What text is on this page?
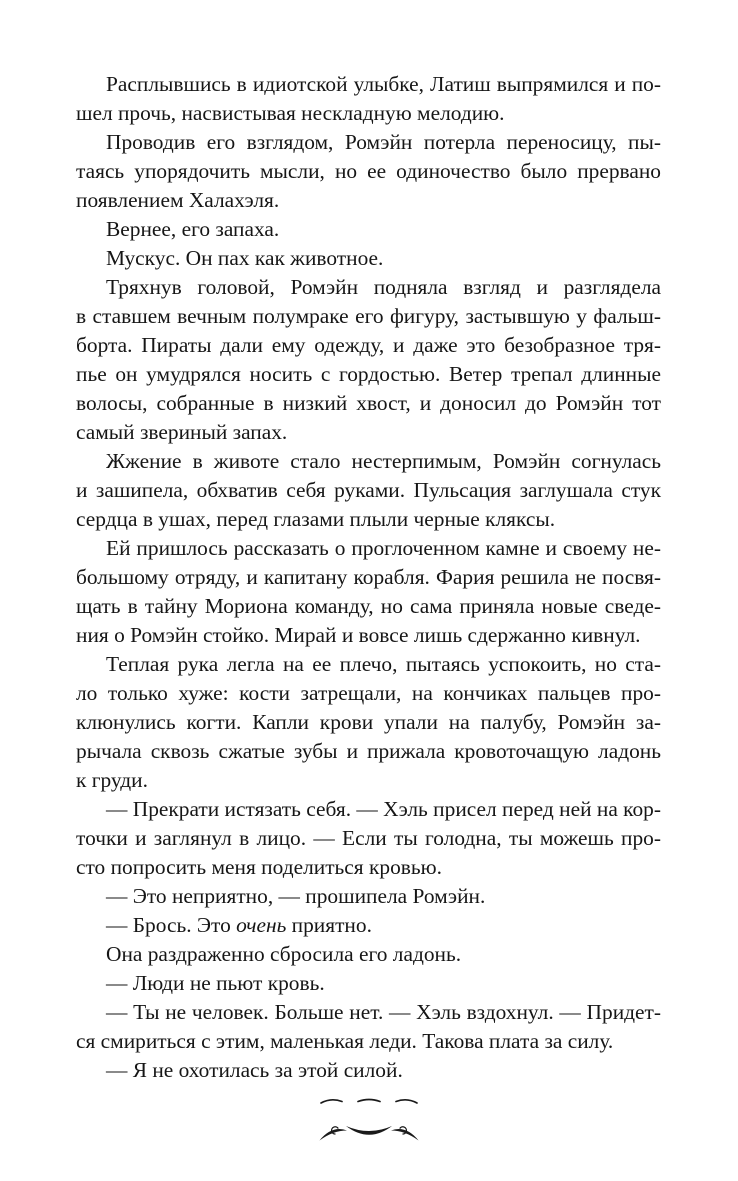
Расплывшись в идиотской улыбке, Латиш выпрямился и по-
шел прочь, насвистывая нескладную мелодию.
Проводив его взглядом, Ромэйн потерла переносицу, пы-
таясь упорядочить мысли, но ее одиночество было прервано
появлением Халахэля.
Вернее, его запаха.
Мускус. Он пах как животное.
Тряхнув головой, Ромэйн подняла взгляд и разглядела
в ставшем вечным полумраке его фигуру, застывшую у фальш-
борта. Пираты дали ему одежду, и даже это безобразное тря-
пье он умудрялся носить с гордостью. Ветер трепал длинные
волосы, собранные в низкий хвост, и доносил до Ромэйн тот
самый звериный запах.
Жжение в животе стало нестерпимым, Ромэйн согнулась
и зашипела, обхватив себя руками. Пульсация заглушала стук
сердца в ушах, перед глазами плыли черные кляксы.
Ей пришлось рассказать о проглоченном камне и своему не-
большому отряду, и капитану корабля. Фария решила не посвя-
щать в тайну Мориона команду, но сама приняла новые сведе-
ния о Ромэйн стойко. Мирай и вовсе лишь сдержанно кивнул.
Теплая рука легла на ее плечо, пытаясь успокоить, но ста-
ло только хуже: кости затрещали, на кончиках пальцев про-
клюнулись когти. Капли крови упали на палубу, Ромэйн за-
рычала сквозь сжатые зубы и прижала кровоточащую ладонь
к груди.
— Прекрати истязать себя. — Хэль присел перед ней на кор-
точки и заглянул в лицо. — Если ты голодна, ты можешь про-
сто попросить меня поделиться кровью.
— Это неприятно, — прошипела Ромэйн.
— Брось. Это очень приятно.
Она раздраженно сбросила его ладонь.
— Люди не пьют кровь.
— Ты не человек. Больше нет. — Хэль вздохнул. — Придет-
ся смириться с этим, маленькая леди. Такова плата за силу.
— Я не охотилась за этой силой.
